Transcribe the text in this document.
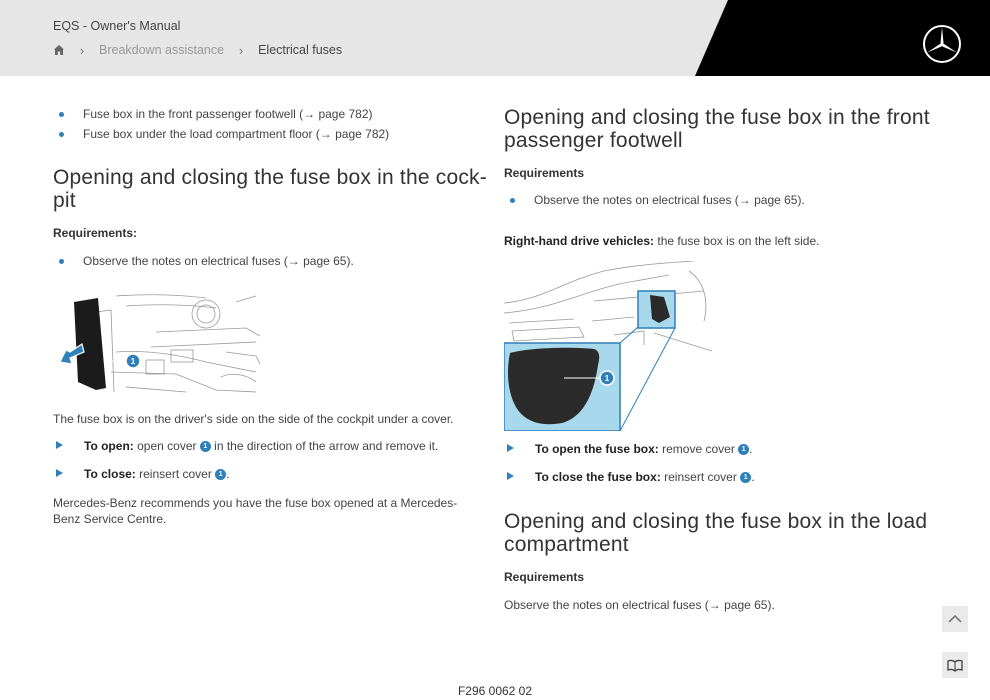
EQS - Owner's Manual
›	Breakdown assistance	›	Electrical fuses
Fuse box in the front passenger footwell (→ page 782)
Fuse box under the load compartment floor (→ page 782)
Opening and closing the fuse box in the cock-
pit
Requirements:
Observe the notes on electrical fuses (→ page 65).
1
The fuse box is on the driver's side on the side of the cockpit under a cover.
To open: open cover 1 in the direction of the arrow and remove it.
To close: reinsert cover 1 .
Mercedes-Benz recommends you have the fuse box opened at a Mercedes-
Benz Service Centre.
Opening and closing the fuse box in the front
passenger footwell
Requirements
Observe the notes on electrical fuses (→ page 65).
Right-hand drive vehicles: the fuse box is on the left side.
1
To open the fuse box: remove cover 1 .
To close the fuse box: reinsert cover 1 .
Opening and closing the fuse box in the load
compartment
Requirements
Observe the notes on electrical fuses (→ page 65).
F296 0062 02
